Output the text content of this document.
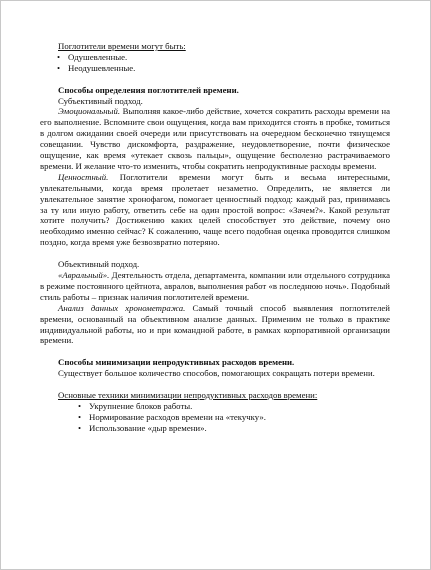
Поглотители времени могут быть:

• Одушевленные.
• Неодушевленные.

Способы определения поглотителей времени.

Субъективный подход.

Эмоциональный. Выполняя какое-либо действие, хочется сократить расходы времени на его выполнение. Вспомните свои ощущения, когда вам приходится стоять в пробке, томиться в долгом ожидании своей очереди или присутствовать на очередном бесконечно тянущемся совещании. Чувство дискомфорта, раздражение, неудовлетворение, почти физическое ощущение, как время «утекает сквозь пальцы», ощущение бесполезно растрачиваемого времени. И желание что-то изменить, чтобы сократить непродуктивные расходы времени.

Ценностный. Поглотители времени могут быть и весьма интересными, увлекательными, когда время пролетает незаметно. Определить, не является ли увлекательное занятие хронофагом, помогает ценностный подход: каждый раз, принимаясь за ту или иную работу, ответить себе на один простой вопрос: «Зачем?». Какой результат хотите получить? Достижению каких целей способствует это действие, почему оно необходимо именно сейчас? К сожалению, чаще всего подобная оценка проводится слишком поздно, когда время уже безвозвратно потеряно.

Объективный подход.

«Авральный». Деятельность отдела, департамента, компании или отдельного сотрудника в режиме постоянного цейтнота, авралов, выполнения работ «в последнюю ночь». Подобный стиль работы – признак наличия поглотителей времени.

Анализ данных хронометража. Самый точный способ выявления поглотителей времени, основанный на объективном анализе данных. Применим не только в практике индивидуальной работы, но и при командной работе, в рамках корпоративной организации времени.

Способы минимизации непродуктивных расходов времени.

Существует большое количество способов, помогающих сокращать потери времени.

Основные техники минимизации непродуктивных расходов времени:

• Укрупнение блоков работы.
• Нормирование расходов времени на «текучку».
• Использование «дыр времени».
